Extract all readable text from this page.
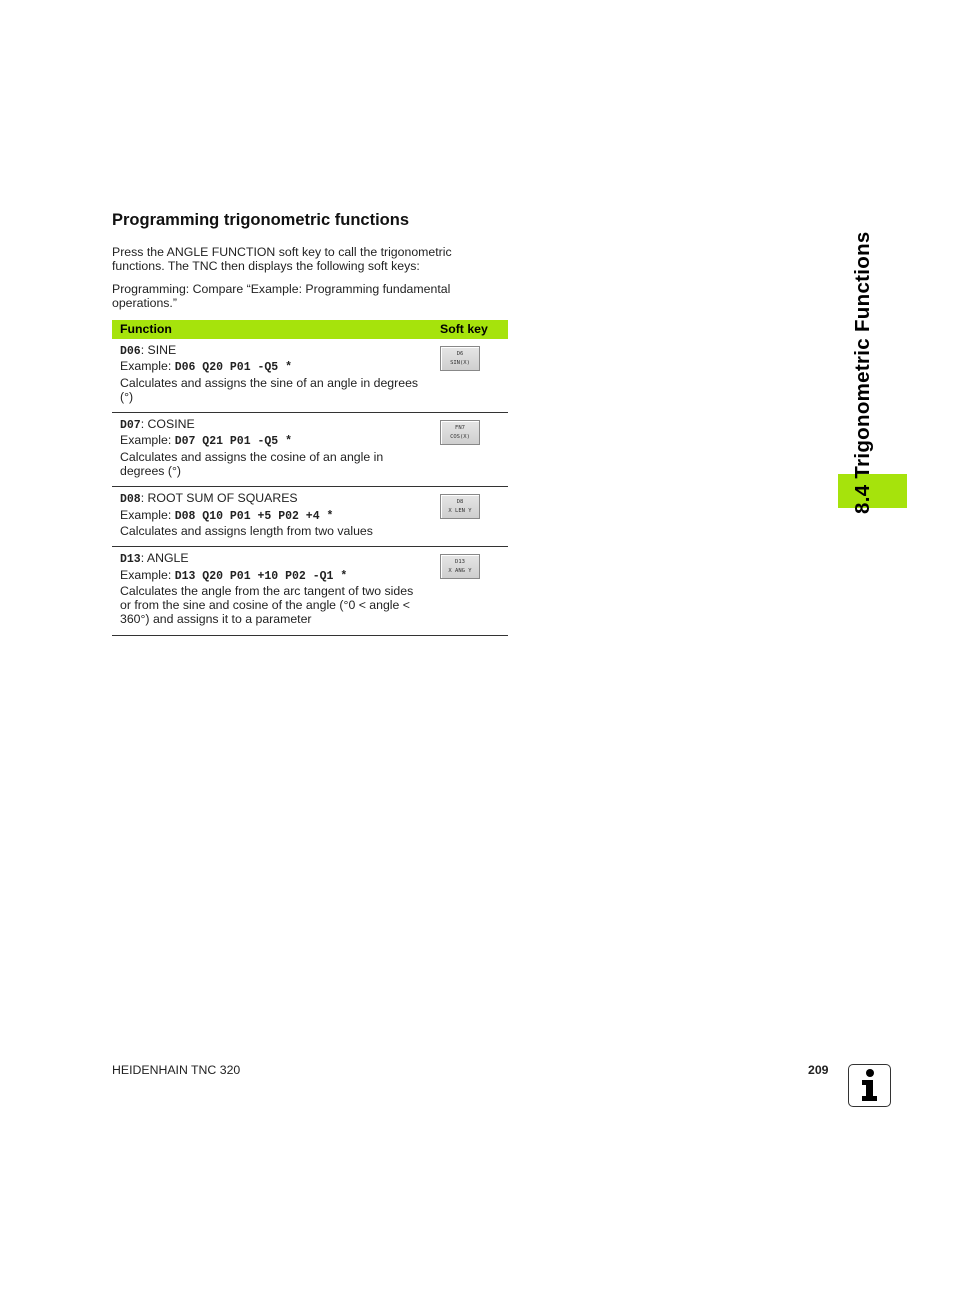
Programming trigonometric functions

Press the ANGLE FUNCTION soft key to call the trigonometric functions. The TNC then displays the following soft keys:

Programming: Compare “Example: Programming fundamental operations.”

Function	Soft key
D06: SINE
Example: D06 Q20 P01 -Q5 *
Calculates and assigns the sine of an angle in degrees (°)	D6
SIN(X)

D07: COSINE
Example: D07 Q21 P01 -Q5 *
Calculates and assigns the cosine of an angle in degrees (°)	FN7
COS(X)

D08: ROOT SUM OF SQUARES
Example: D08 Q10 P01 +5 P02 +4 *
Calculates and assigns length from two values	D8
X LEN Y

D13: ANGLE
Example: D13 Q20 P01 +10 P02 -Q1 *
Calculates the angle from the arc tangent of two sides or from the sine and cosine of the angle (°0 < angle < 360°) and assigns it to a parameter	D13
X ANG Y
8.4 Trigonometric Functions
HEIDENHAIN TNC 320	209
